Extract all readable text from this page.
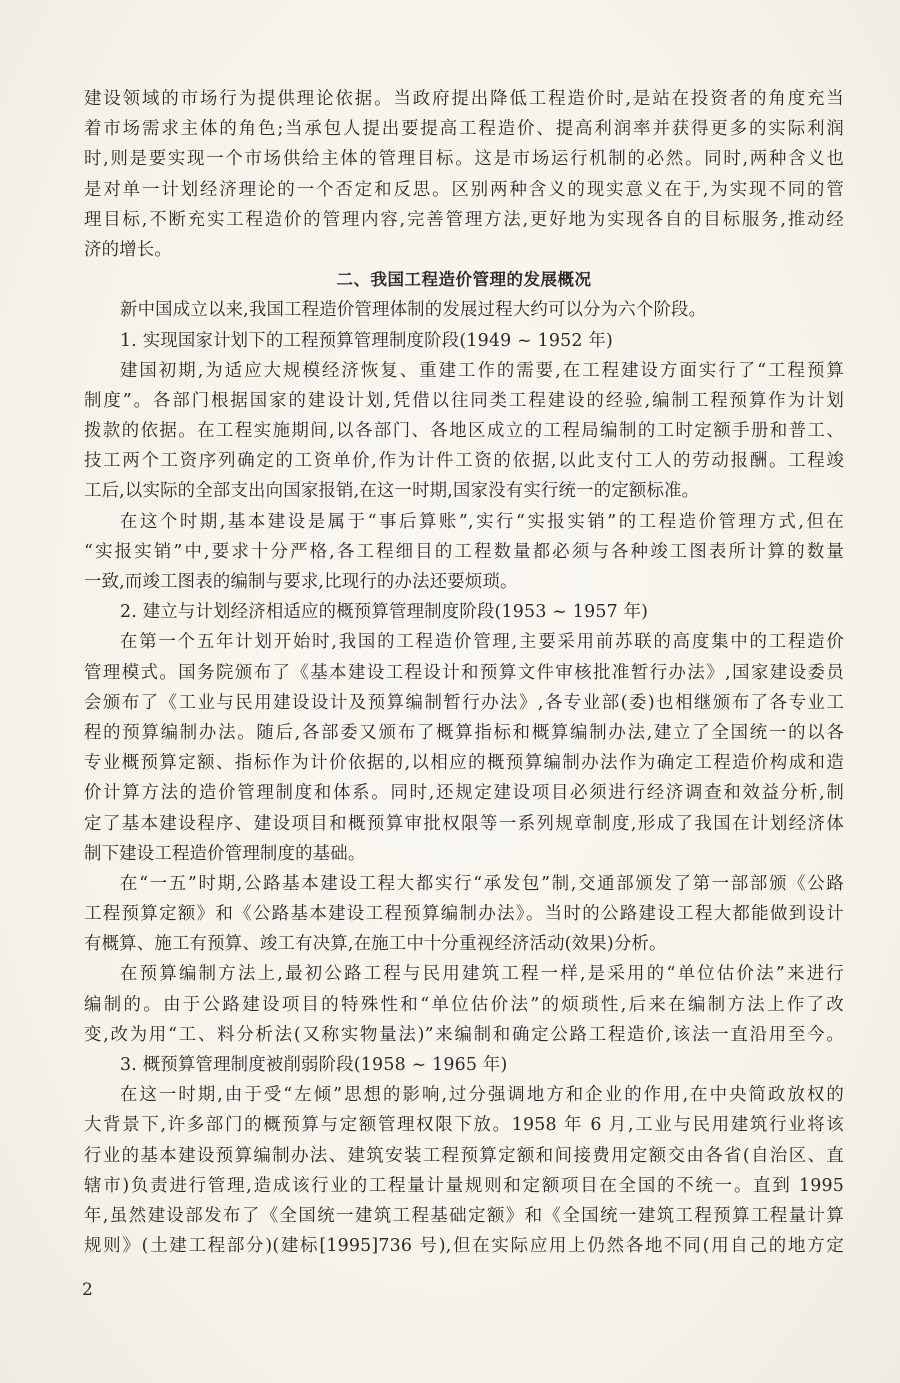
建设领域的市场行为提供理论依据。当政府提出降低工程造价时,是站在投资者的角度充当
着市场需求主体的角色;当承包人提出要提高工程造价、提高利润率并获得更多的实际利润
时,则是要实现一个市场供给主体的管理目标。这是市场运行机制的必然。同时,两种含义也
是对单一计划经济理论的一个否定和反思。区别两种含义的现实意义在于,为实现不同的管
理目标,不断充实工程造价的管理内容,完善管理方法,更好地为实现各自的目标服务,推动经
济的增长。
二、我国工程造价管理的发展概况
新中国成立以来,我国工程造价管理体制的发展过程大约可以分为六个阶段。
1. 实现国家计划下的工程预算管理制度阶段(1949 ~ 1952 年)
建国初期,为适应大规模经济恢复、重建工作的需要,在工程建设方面实行了“工程预算
制度”。各部门根据国家的建设计划,凭借以往同类工程建设的经验,编制工程预算作为计划
拨款的依据。在工程实施期间,以各部门、各地区成立的工程局编制的工时定额手册和普工、
技工两个工资序列确定的工资单价,作为计件工资的依据,以此支付工人的劳动报酬。工程竣
工后,以实际的全部支出向国家报销,在这一时期,国家没有实行统一的定额标准。
在这个时期,基本建设是属于“事后算账”,实行“实报实销”的工程造价管理方式,但在
“实报实销”中,要求十分严格,各工程细目的工程数量都必须与各种竣工图表所计算的数量
一致,而竣工图表的编制与要求,比现行的办法还要烦琐。
2. 建立与计划经济相适应的概预算管理制度阶段(1953 ~ 1957 年)
在第一个五年计划开始时,我国的工程造价管理,主要采用前苏联的高度集中的工程造价
管理模式。国务院颁布了《基本建设工程设计和预算文件审核批准暂行办法》,国家建设委员
会颁布了《工业与民用建设设计及预算编制暂行办法》,各专业部(委)也相继颁布了各专业工
程的预算编制办法。随后,各部委又颁布了概算指标和概算编制办法,建立了全国统一的以各
专业概预算定额、指标作为计价依据的,以相应的概预算编制办法作为确定工程造价构成和造
价计算方法的造价管理制度和体系。同时,还规定建设项目必须进行经济调查和效益分析,制
定了基本建设程序、建设项目和概预算审批权限等一系列规章制度,形成了我国在计划经济体
制下建设工程造价管理制度的基础。
在“一五”时期,公路基本建设工程大都实行“承发包”制,交通部颁发了第一部部颁《公路
工程预算定额》和《公路基本建设工程预算编制办法》。当时的公路建设工程大都能做到设计
有概算、施工有预算、竣工有决算,在施工中十分重视经济活动(效果)分析。
在预算编制方法上,最初公路工程与民用建筑工程一样,是采用的“单位估价法”来进行
编制的。由于公路建设项目的特殊性和“单位估价法”的烦琐性,后来在编制方法上作了改
变,改为用“工、料分析法(又称实物量法)”来编制和确定公路工程造价,该法一直沿用至今。
3. 概预算管理制度被削弱阶段(1958 ~ 1965 年)
在这一时期,由于受“左倾”思想的影响,过分强调地方和企业的作用,在中央简政放权的
大背景下,许多部门的概预算与定额管理权限下放。1958 年 6 月,工业与民用建筑行业将该
行业的基本建设预算编制办法、建筑安装工程预算定额和间接费用定额交由各省(自治区、直
辖市)负责进行管理,造成该行业的工程量计量规则和定额项目在全国的不统一。直到 1995
年,虽然建设部发布了《全国统一建筑工程基础定额》和《全国统一建筑工程预算工程量计算
规则》(土建工程部分)(建标[1995]736 号),但在实际应用上仍然各地不同(用自己的地方定
2
